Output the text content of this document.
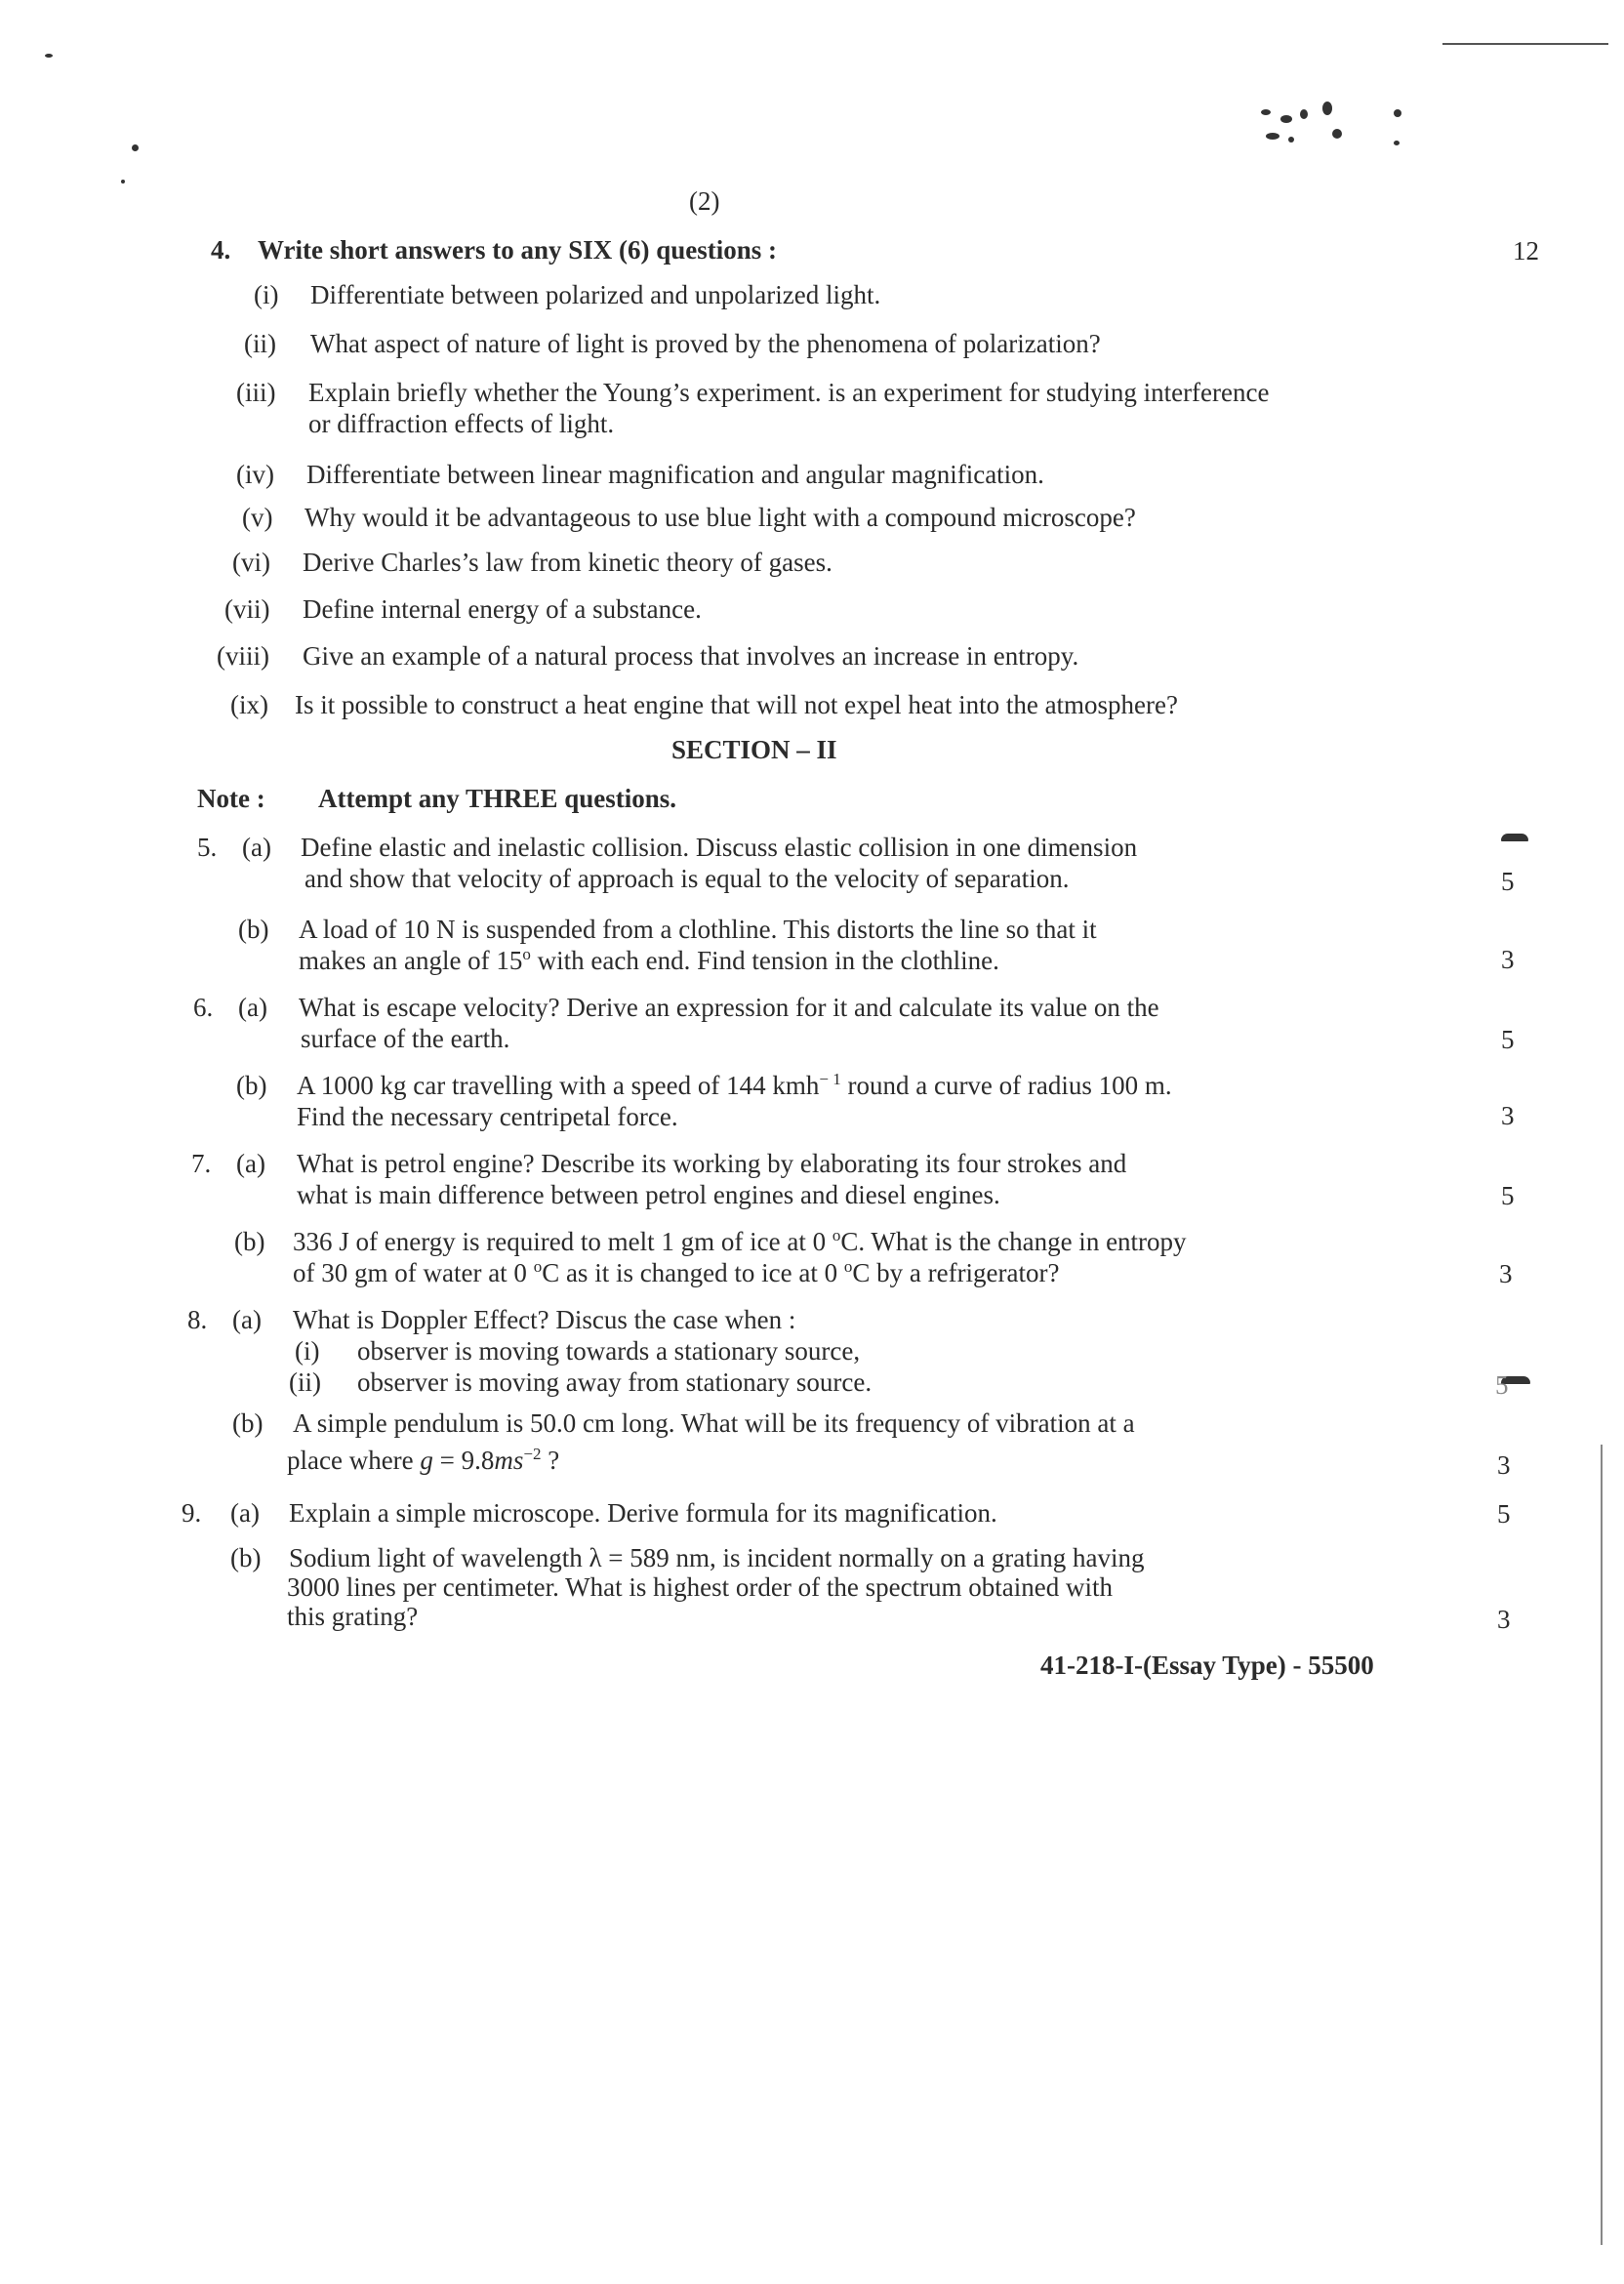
(2)
4. Write short answers to any SIX (6) questions :	12
(i) Differentiate between polarized and unpolarized light.
(ii) What aspect of nature of light is proved by the phenomena of polarization?
(iii) Explain briefly whether the Young’s experiment. is an experiment for studying interference
or diffraction effects of light.
(iv) Differentiate between linear magnification and angular magnification.
(v) Why would it be advantageous to use blue light with a compound microscope?
(vi) Derive Charles’s law from kinetic theory of gases.
(vii) Define internal energy of a substance.
(viii) Give an example of a natural process that involves an increase in entropy.
(ix) Is it possible to construct a heat engine that will not expel heat into the atmosphere?
SECTION – II
Note : Attempt any THREE questions.
5. (a) Define elastic and inelastic collision. Discuss elastic collision in one dimension
and show that velocity of approach is equal to the velocity of separation.	5
(b) A load of 10 N is suspended from a clothline. This distorts the line so that it
makes an angle of 15$^o$ with each end. Find tension in the clothline.	3
6. (a) What is escape velocity? Derive an expression for it and calculate its value on the
surface of the earth.	5
(b) A 1000 kg car travelling with a speed of 144 kmh$^{- 1}$ round a curve of radius 100 m.
Find the necessary centripetal force.	3
7. (a) What is petrol engine? Describe its working by elaborating its four strokes and
what is main difference between petrol engines and diesel engines.	5
(b) 336 J of energy is required to melt 1 gm of ice at 0 $^o$C. What is the change in entropy
of 30 gm of water at 0 $^o$C as it is changed to ice at 0 $^o$C by a refrigerator?	3
8. (a) What is Doppler Effect? Discus the case when :
(i) observer is moving towards a stationary source,
(ii) observer is moving away from stationary source.	5
(b) A simple pendulum is 50.0 cm long. What will be its frequency of vibration at a
place where $g = 9.8ms^{-2}$ ?	3
9. (a) Explain a simple microscope. Derive formula for its magnification.	5
(b) Sodium light of wavelength λ = 589 nm, is incident normally on a grating having
3000 lines per centimeter. What is highest order of the spectrum obtained with
this grating?	3
41-218-I-(Essay Type) - 55500
